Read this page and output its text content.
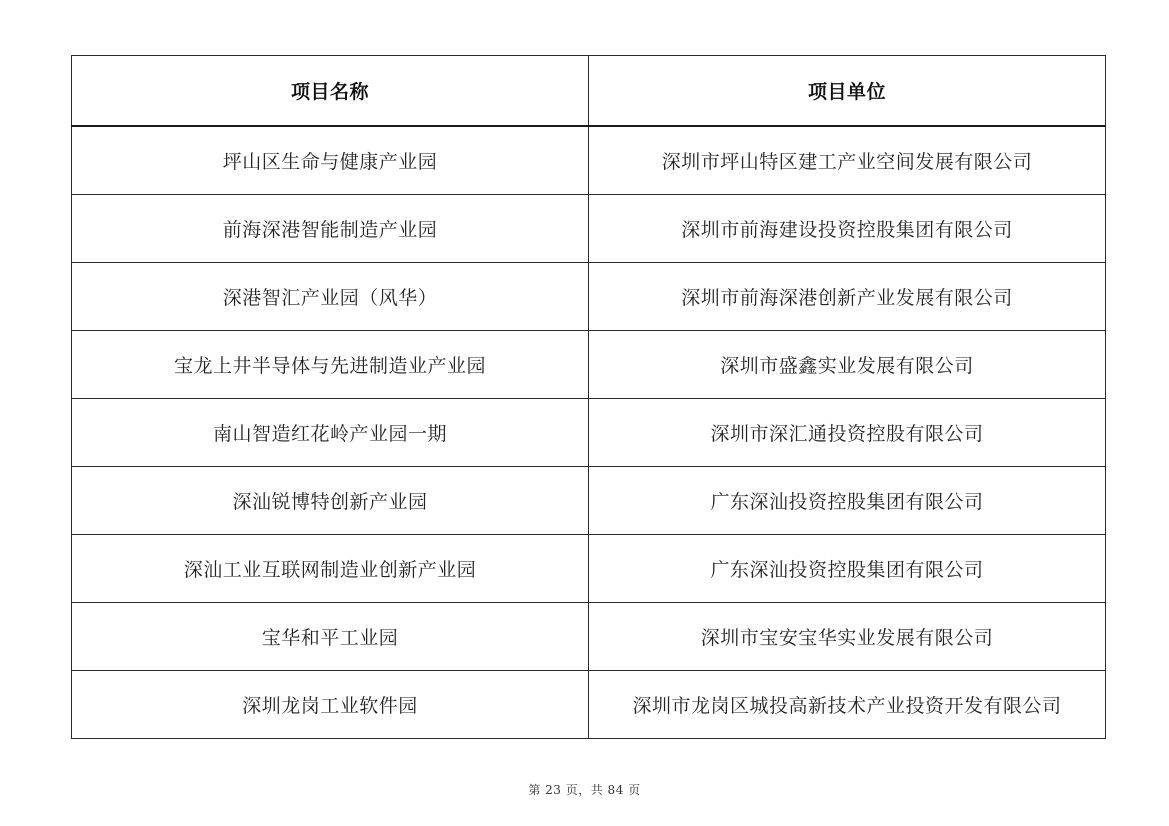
项目名称	项目单位
坪山区生命与健康产业园	深圳市坪山特区建工产业空间发展有限公司
前海深港智能制造产业园	深圳市前海建设投资控股集团有限公司
深港智汇产业园（风华）	深圳市前海深港创新产业发展有限公司
宝龙上井半导体与先进制造业产业园	深圳市盛鑫实业发展有限公司
南山智造红花岭产业园一期	深圳市深汇通投资控股有限公司
深汕锐博特创新产业园	广东深汕投资控股集团有限公司
深汕工业互联网制造业创新产业园	广东深汕投资控股集团有限公司
宝华和平工业园	深圳市宝安宝华实业发展有限公司
深圳龙岗工业软件园	深圳市龙岗区城投高新技术产业投资开发有限公司
第 23 页，共 84 页
